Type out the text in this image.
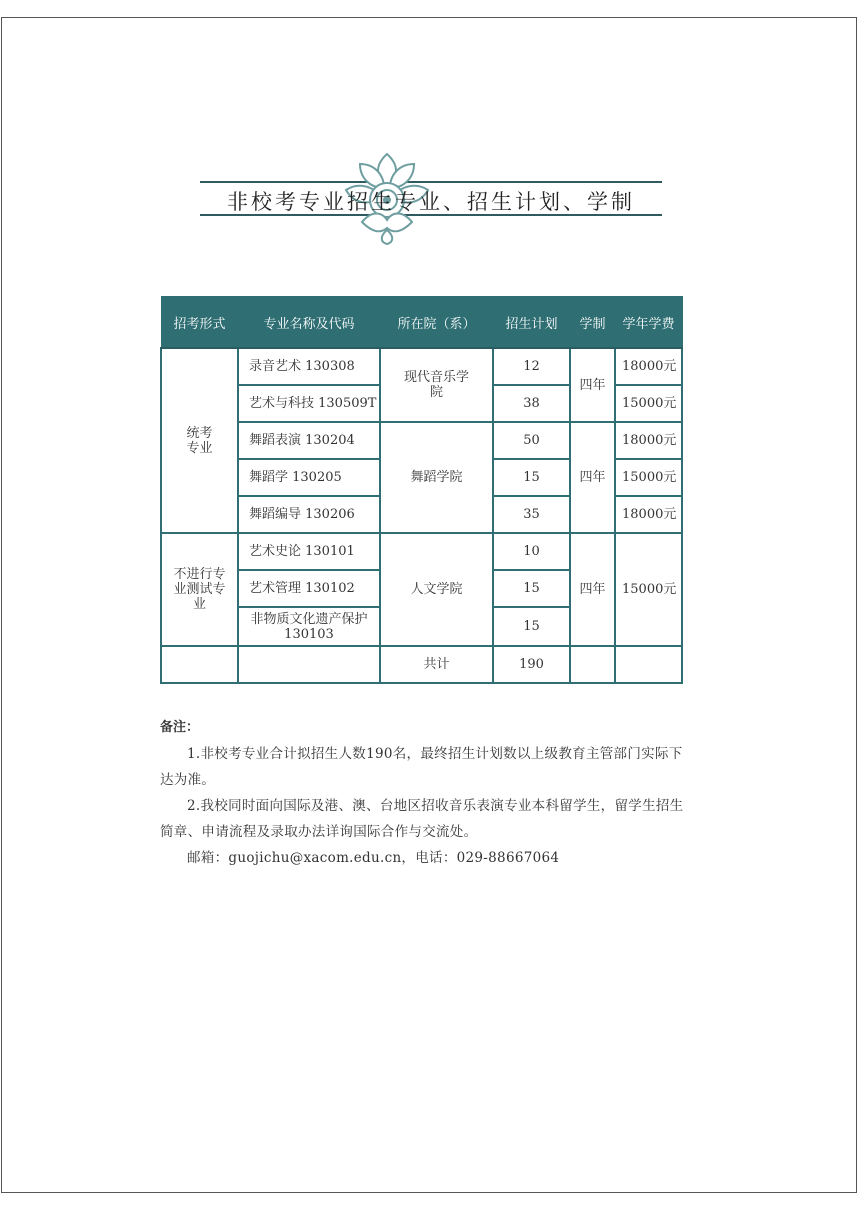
非校考专业招生专业、招生计划、学制
招考形式	专业名称及代码	所在院（系）	招生计划	学制	学年学费

统考专业	录音艺术 130308	现代音乐学院	12	四年	18000元
	艺术与科技 130509T		38		15000元
	舞蹈表演 130204	舞蹈学院	50	四年	18000元
	舞蹈学 130205		15		15000元
	舞蹈编导 130206		35		18000元

不进行专业测试专业	艺术史论 130101	人文学院	10	四年	15000元
	艺术管理 130102		15		
	非物质文化遗产保护 130103		15		
		共计	190		
备注：

1.非校考专业合计拟招生人数190名，最终招生计划数以上级教育主管部门实际下达为准。

2.我校同时面向国际及港、澳、台地区招收音乐表演专业本科留学生，留学生招生简章、申请流程及录取办法详询国际合作与交流处。

邮箱：guojichu@xacom.edu.cn，电话：029-88667064
